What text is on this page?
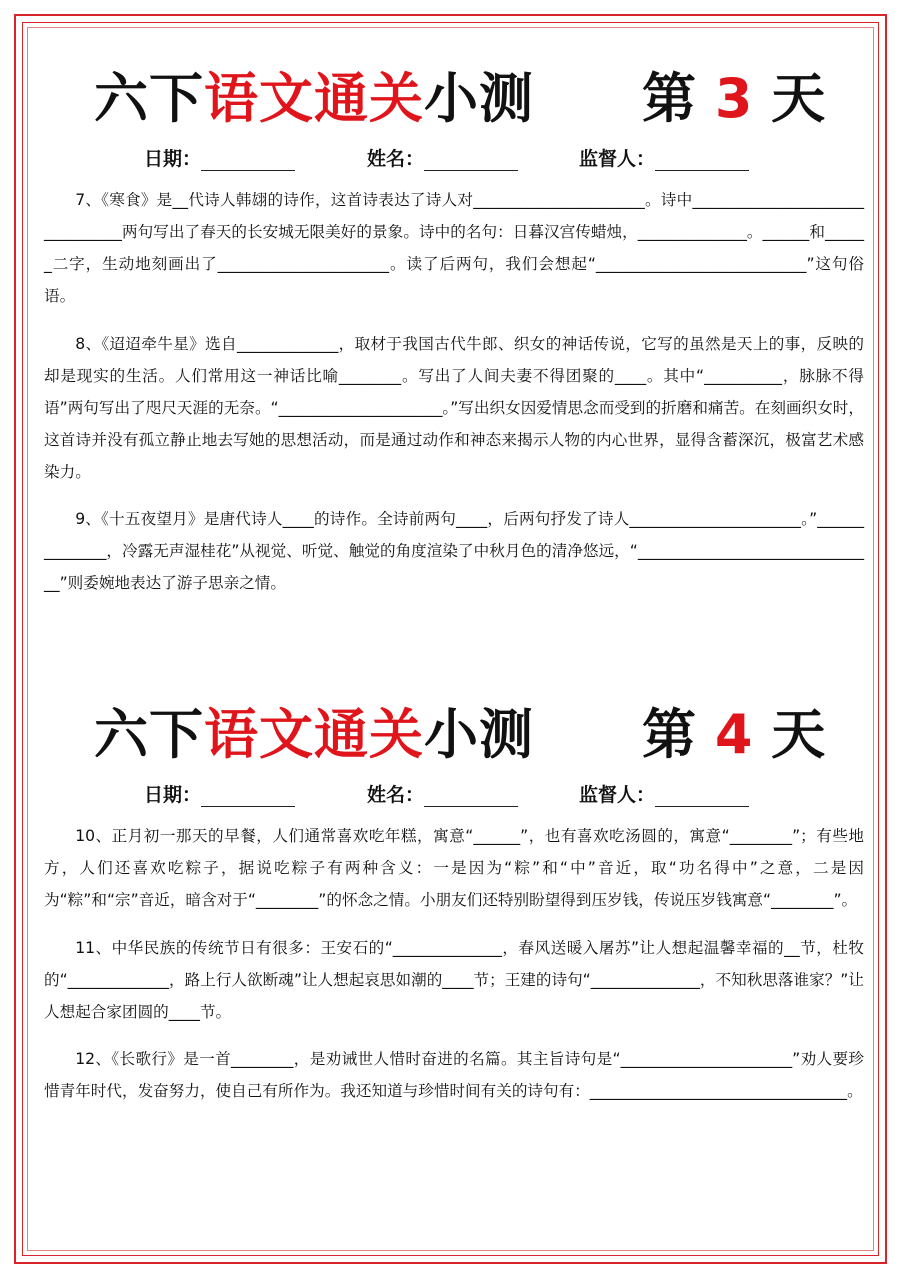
六下语文通关小测 第 3 天
日期：	姓名：	监督人：

7、《寒食》是__代诗人韩翃的诗作，这首诗表达了诗人对______________________。诗中________________________________两句写出了春天的长安城无限美好的景象。诗中的名句：日暮汉宫传蜡烛，______________。______和______二字，生动地刻画出了______________________。读了后两句，我们会想起“___________________________”这句俗语。

8、《迢迢牵牛星》选自_____________，取材于我国古代牛郎、织女的神话传说，它写的虽然是天上的事，反映的却是现实的生活。人们常用这一神话比喻________。写出了人间夫妻不得团聚的____。其中“__________，脉脉不得语”两句写出了咫尺天涯的无奈。“_____________________。”写出织女因爱情思念而受到的折磨和痛苦。在刻画织女时，这首诗并没有孤立静止地去写她的思想活动，而是通过动作和神态来揭示人物的内心世界，显得含蓄深沉，极富艺术感染力。

9、《十五夜望月》是唐代诗人____的诗作。全诗前两句____，后两句抒发了诗人______________________。”______________，冷露无声湿桂花”从视觉、听觉、触觉的角度渲染了中秋月色的清净悠远，“_______________________________”则委婉地表达了游子思亲之情。

六下语文通关小测 第 4 天
日期：	姓名：	监督人：

10、正月初一那天的早餐，人们通常喜欢吃年糕，寓意“______”，也有喜欢吃汤圆的，寓意“________”；有些地方，人们还喜欢吃粽子，据说吃粽子有两种含义：一是因为“粽”和“中”音近，取“功名得中”之意，二是因为“粽”和“宗”音近，暗含对于“________”的怀念之情。小朋友们还特别盼望得到压岁钱，传说压岁钱寓意“________”。

11、中华民族的传统节日有很多：王安石的“______________，春风送暖入屠苏”让人想起温馨幸福的__节，杜牧的“_____________，路上行人欲断魂”让人想起哀思如潮的____节；王建的诗句“______________，不知秋思落谁家？”让人想起合家团圆的____节。

12、《长歌行》是一首________，是劝诫世人惜时奋进的名篇。其主旨诗句是“______________________”劝人要珍惜青年时代，发奋努力，使自己有所作为。我还知道与珍惜时间有关的诗句有：_________________________________。
